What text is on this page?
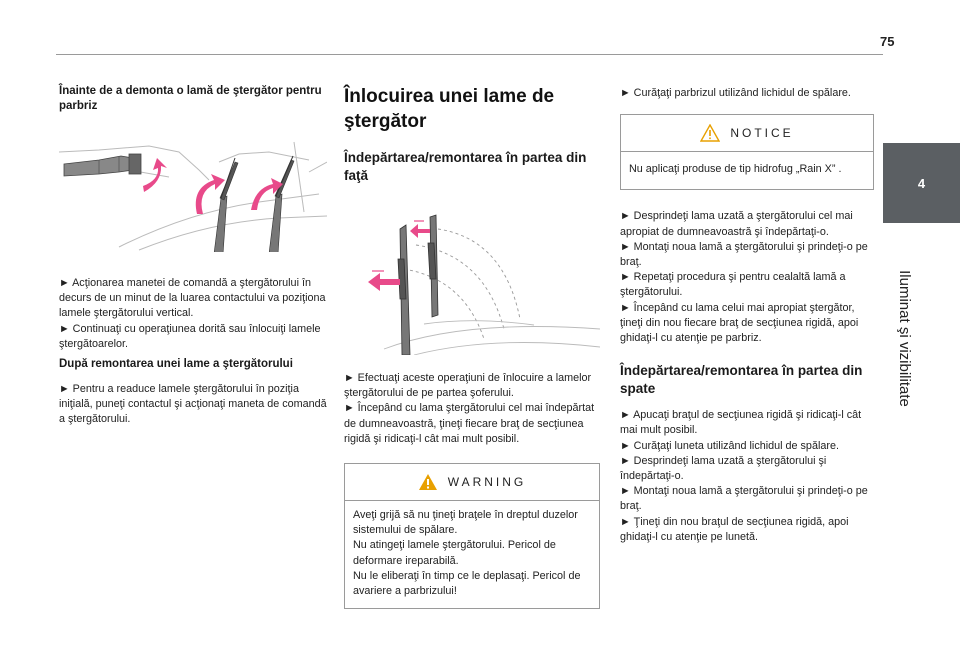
75
4
Iluminat şi vizibilitate

Înainte de a demonta o lamă de ştergător pentru parbriz

► Acţionarea manetei de comandă a ştergătorului în decurs de un minut de la luarea contactului va poziţiona lamele ştergătorului vertical.

► Continuaţi cu operaţiunea dorită sau înlocuiţi lamele ştergătoarelor.

După remontarea unei lame a ştergătorului

► Pentru a readuce lamele ştergătorului în poziţia iniţială, puneţi contactul şi acţionaţi maneta de comandă a ştergătorului.

Înlocuirea unei lame de ştergător

Îndepărtarea/remontarea în partea din faţă

► Efectuaţi aceste operaţiuni de înlocuire a lamelor ştergătorului de pe partea şoferului.

► Începând cu lama ştergătorului cel mai îndepărtat de dumneavoastră, ţineţi fiecare braţ de secţiunea rigidă şi ridicaţi-l cât mai mult posibil.

WARNING

Aveţi grijă să nu ţineţi braţele în dreptul duzelor sistemului de spălare.

Nu atingeţi lamele ştergătorului. Pericol de deformare ireparabilă.

Nu le eliberaţi în timp ce le deplasaţi. Pericol de avariere a parbrizului!

► Curăţaţi parbrizul utilizând lichidul de spălare.

NOTICE

Nu aplicaţi produse de tip hidrofug „Rain X” .

► Desprindeţi lama uzată a ştergătorului cel mai apropiat de dumneavoastră şi îndepărtaţi-o.

► Montaţi noua lamă a ştergătorului şi prindeţi-o pe braţ.

► Repetaţi procedura şi pentru cealaltă lamă a ştergătorului.

► Începând cu lama celui mai apropiat ştergător, ţineţi din nou fiecare braţ de secţiunea rigidă, apoi ghidaţi-l cu atenţie pe parbriz.

Îndepărtarea/remontarea în partea din spate

► Apucaţi braţul de secţiunea rigidă şi ridicaţi-l cât mai mult posibil.

► Curăţaţi luneta utilizând lichidul de spălare.

► Desprindeţi lama uzată a ştergătorului şi îndepărtaţi-o.

► Montaţi noua lamă a ştergătorului şi prindeţi-o pe braţ.

► Ţineţi din nou braţul de secţiunea rigidă, apoi ghidaţi-l cu atenţie pe lunetă.
